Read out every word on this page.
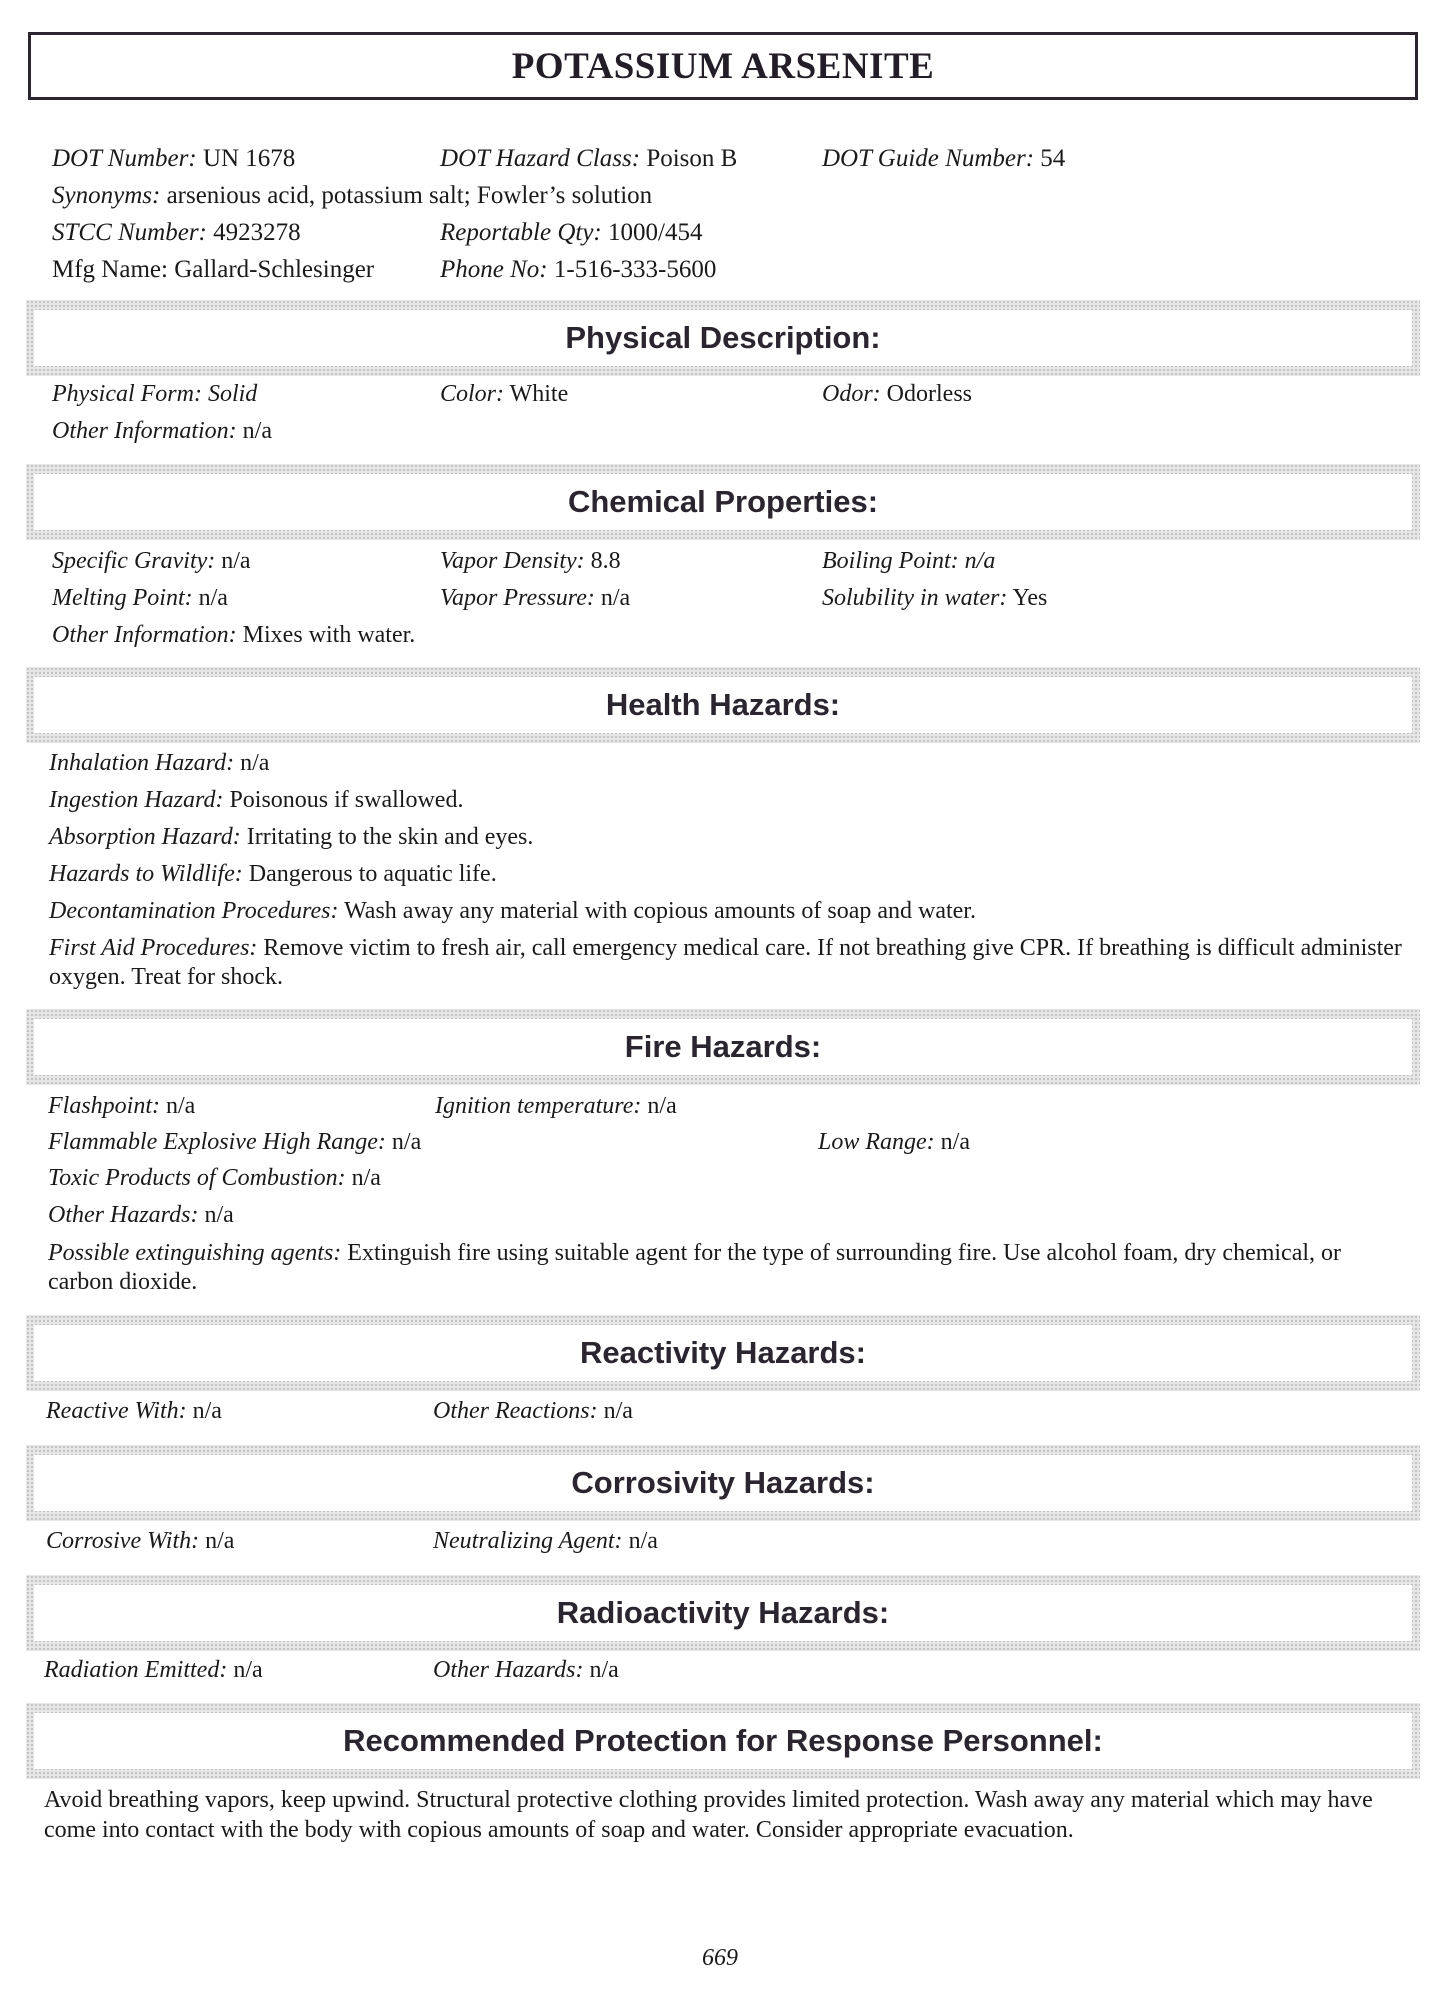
POTASSIUM ARSENITE
DOT Number: UN 1678	DOT Hazard Class: Poison B	DOT Guide Number: 54
Synonyms: arsenious acid, potassium salt; Fowler’s solution
STCC Number: 4923278	Reportable Qty: 1000/454
Mfg Name: Gallard-Schlesinger	Phone No: 1-516-333-5600
Physical Description:
Physical Form: Solid	Color: White	Odor: Odorless
Other Information: n/a
Chemical Properties:
Specific Gravity: n/a	Vapor Density: 8.8	Boiling Point: n/a
Melting Point: n/a	Vapor Pressure: n/a	Solubility in water: Yes
Other Information: Mixes with water.
Health Hazards:
Inhalation Hazard: n/a
Ingestion Hazard: Poisonous if swallowed.
Absorption Hazard: Irritating to the skin and eyes.
Hazards to Wildlife: Dangerous to aquatic life.
Decontamination Procedures: Wash away any material with copious amounts of soap and water.
First Aid Procedures: Remove victim to fresh air, call emergency medical care. If not breathing give CPR. If breathing is difficult administer oxygen. Treat for shock.
Fire Hazards:
Flashpoint: n/a	Ignition temperature: n/a
Flammable Explosive High Range: n/a	Low Range: n/a
Toxic Products of Combustion: n/a
Other Hazards: n/a
Possible extinguishing agents: Extinguish fire using suitable agent for the type of surrounding fire. Use alcohol foam, dry chemical, or carbon dioxide.
Reactivity Hazards:
Reactive With: n/a	Other Reactions: n/a
Corrosivity Hazards:
Corrosive With: n/a	Neutralizing Agent: n/a
Radioactivity Hazards:
Radiation Emitted: n/a	Other Hazards: n/a
Recommended Protection for Response Personnel:
Avoid breathing vapors, keep upwind. Structural protective clothing provides limited protection. Wash away any material which may have come into contact with the body with copious amounts of soap and water. Consider appropriate evacuation.
669
